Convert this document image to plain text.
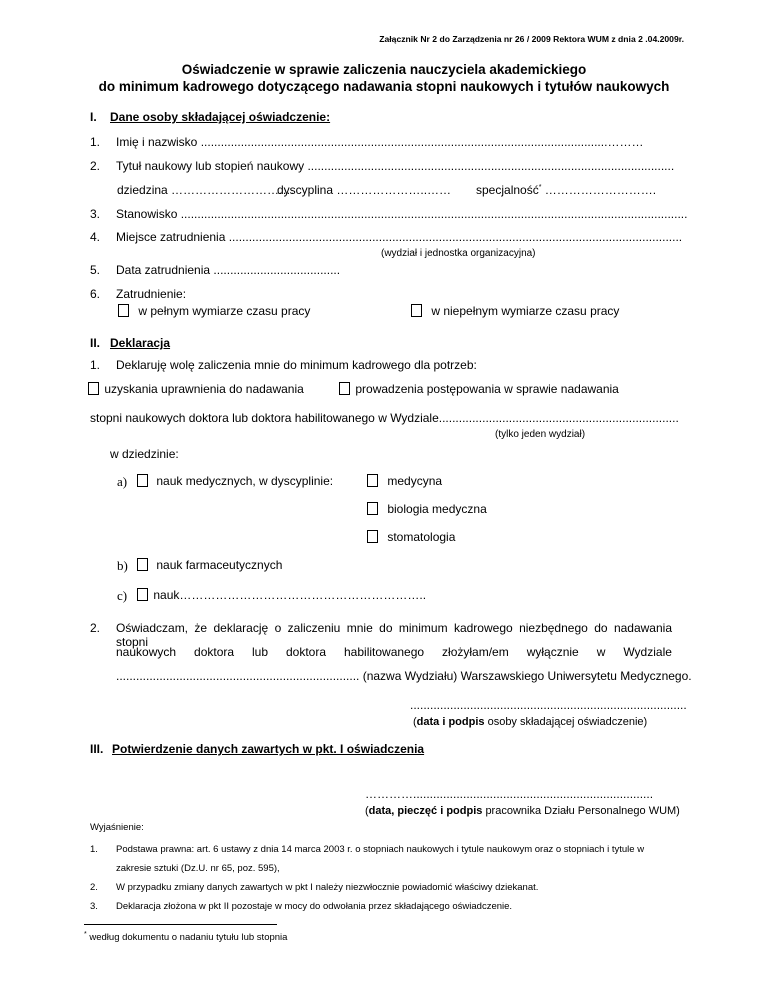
Załącznik Nr 2 do Zarządzenia nr 26 / 2009 Rektora WUM z dnia 2 .04.2009r.
Oświadczenie w sprawie zaliczenia nauczyciela akademickiego
do minimum kadrowego dotyczącego nadawania stopni naukowych i tytułów naukowych
I. Dane osoby składającej oświadczenie:
1. Imię i nazwisko ..........................................................................................................................………
2. Tytuł naukowy lub stopień naukowy ..............................................................................................................
dziedzina ……………………….…
dyscyplina …………………..…… specjalność* ……………………….
3. Stanowisko ........................................................................................................................................................
4. Miejsce zatrudnienia ........................................................................................................................................
(wydział i jednostka organizacyjna)
5. Data zatrudnienia ......................................
6. Zatrudnienie:
w pełnym wymiarze czasu pracy	w niepełnym wymiarze czasu pracy
II. Deklaracja
1. Deklaruję wolę zaliczenia mnie do minimum kadrowego dla potrzeb:
uzyskania uprawnienia do nadawania	prowadzenia postępowania w sprawie nadawania
stopni naukowych doktora lub doktora habilitowanego w Wydziale........................................................................
(tylko jeden wydział)
w dziedzinie:
a)	nauk medycznych, w dyscyplinie:	medycyna
biologia medyczna
stomatologia
b)	nauk farmaceutycznych
c)	nauk……………………………………………………..
2. Oświadczam, że deklarację o zaliczeniu mnie do minimum kadrowego niezbędnego do nadawania stopni
naukowych doktora lub doktora habilitowanego złożyłam/em wyłącznie w Wydziale
......................................................................... (nazwa Wydziału) Warszawskiego Uniwersytetu Medycznego.
...................................................................................
(data i podpis osoby składającej oświadczenie)
III. Potwierdzenie danych zawartych w pkt. I oświadczenia
…………........................................................................
(data, pieczęć i podpis pracownika Działu Personalnego WUM)
Wyjaśnienie:
1. Podstawa prawna: art. 6 ustawy z dnia 14 marca 2003 r. o stopniach naukowych i tytule naukowym oraz o stopniach i tytule w
zakresie sztuki (Dz.U. nr 65, poz. 595),
2. W przypadku zmiany danych zawartych w pkt I należy niezwłocznie powiadomić właściwy dziekanat.
3. Deklaracja złożona w pkt II pozostaje w mocy do odwołania przez składającego oświadczenie.
* według dokumentu o nadaniu tytułu lub stopnia
